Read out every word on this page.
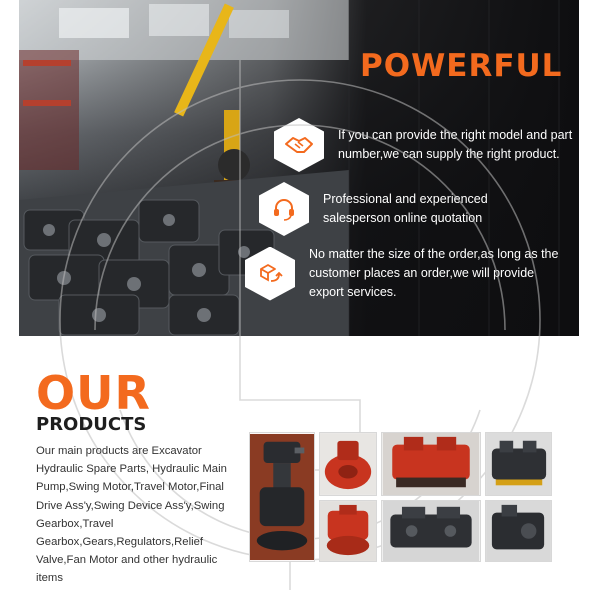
POWERFUL
If you can provide the right model and part number,we can supply the right product.
Professional and experienced salesperson online quotation
No matter the size of the order,as long as the customer places an order,we will provide export services.
OUR
PRODUCTS
Our main products are Excavator Hydraulic Spare Parts, Hydraulic Main Pump,Swing Motor,Travel Motor,Final Drive Ass'y,Swing Device Ass'y,Swing Gearbox,Travel Gearbox,Gears,Regulators,Relief Valve,Fan Motor and other hydraulic items
